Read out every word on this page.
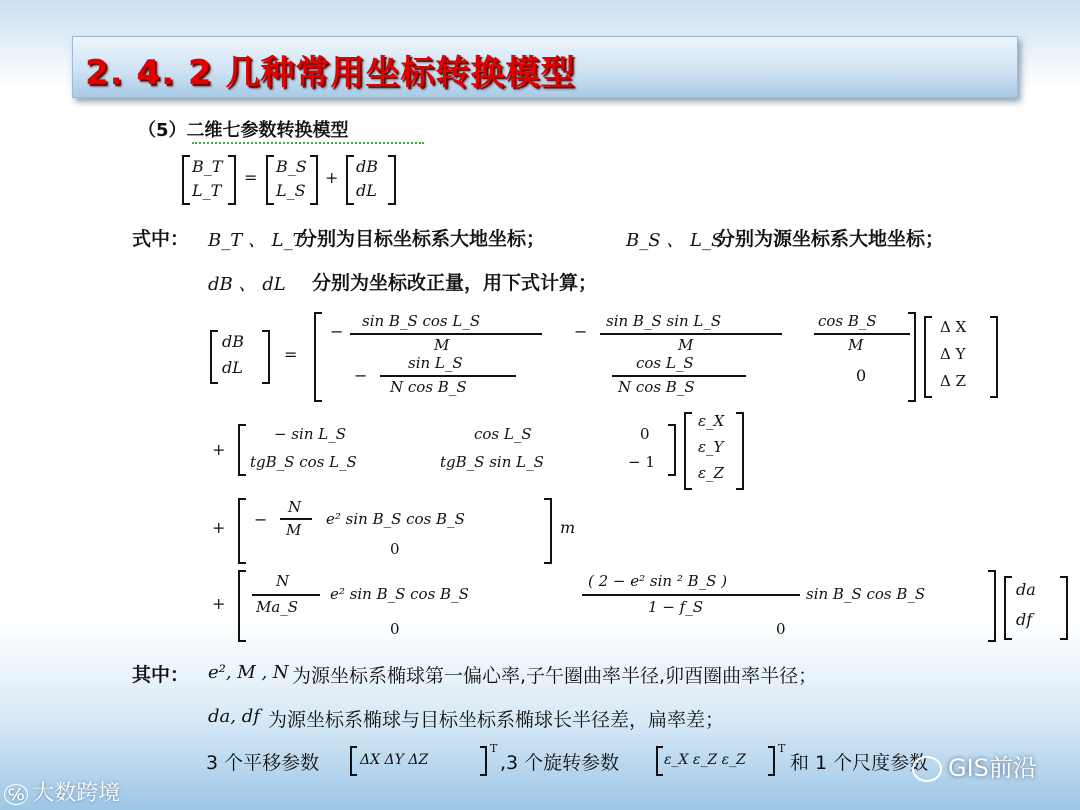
2. 4. 2 几种常用坐标转换模型
（5）二维七参数转换模型
B_T
L_T
=
B_S
L_S
+
dB
dL
式中： B_T 、 L_T
分别为目标坐标系大地坐标；	B_S 、 L_S
分别为源坐标系大地坐标；
dB 、 dL 分别为坐标改正量，用下式计算；
dB
dL
=
−
sin B_S cos L_S
M
−
sin B_S sin L_S
M
cos B_S
M
−
sin L_S
N cos B_S
cos L_S
N cos B_S
0
Δ X
Δ Y
Δ Z
+
− sin L_S	cos L_S	0
tgB_S cos L_S	tgB_S sin L_S	− 1
ε_X
ε_Y
ε_Z
+ −
N
M
e² sin B_S cos B_S
0
m
+
N
Ma_S
e² sin B_S cos B_S
( 2 − e² sin ² B_S )
1 − f_S
sin B_S cos B_S
0	0
da
df
其中： e², M , N 为源坐标系椭球第一偏心率,子午圈曲率半径,卯酉圈曲率半径；
da, df 为源坐标系椭球与目标坐标系椭球长半径差，扁率差；
3 个平移参数	ΔX ΔY ΔZ
T
,3 个旋转参数	ε_X ε_Z ε_Z
T
和 1 个尺度参数
℅ 大数跨境
GIS前沿
